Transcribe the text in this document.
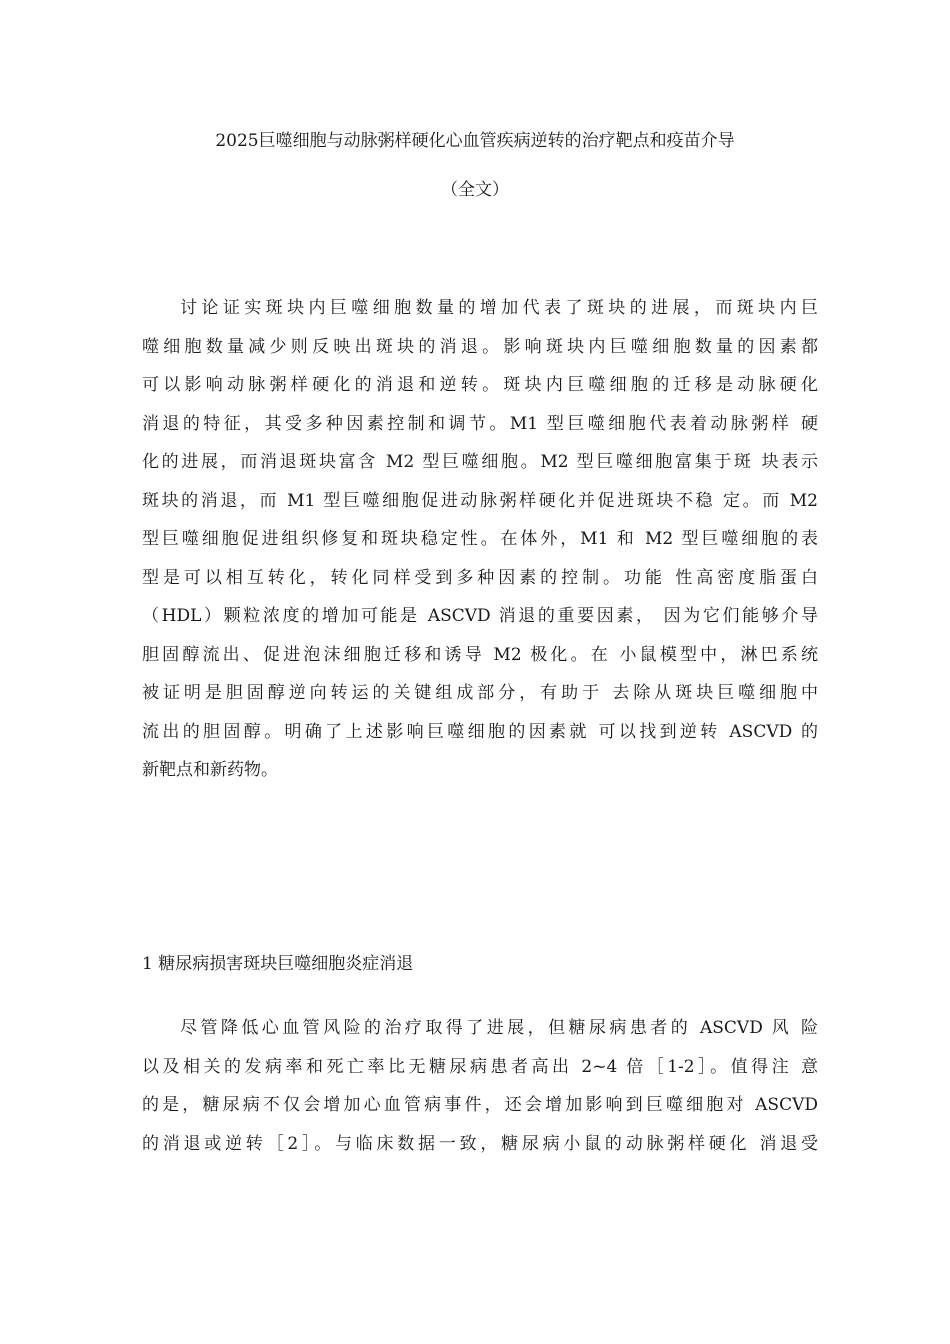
2025巨噬细胞与动脉粥样硬化心血管疾病逆转的治疗靶点和疫苗介导
（全文）
讨论证实斑块内巨噬细胞数量的增加代表了斑块的进展，而斑块内巨
噬细胞数量减少则反映出斑块的消退。影响斑块内巨噬细胞数量的因素都
可以影响动脉粥样硬化的消退和逆转。斑块内巨噬细胞的迁移是动脉硬化
消退的特征，其受多种因素控制和调节。M1 型巨噬细胞代表着动脉粥样 硬
化的进展，而消退斑块富含 M2 型巨噬细胞。M2 型巨噬细胞富集于斑 块表示
斑块的消退，而 M1 型巨噬细胞促进动脉粥样硬化并促进斑块不稳 定。而 M2
型巨噬细胞促进组织修复和斑块稳定性。在体外，M1 和 M2 型巨噬细胞的表
型是可以相互转化，转化同样受到多种因素的控制。功能 性高密度脂蛋白
（HDL）颗粒浓度的增加可能是 ASCVD 消退的重要因素， 因为它们能够介导
胆固醇流出、促进泡沫细胞迁移和诱导 M2 极化。在 小鼠模型中，淋巴系统
被证明是胆固醇逆向转运的关键组成部分，有助于 去除从斑块巨噬细胞中
流出的胆固醇。明确了上述影响巨噬细胞的因素就 可以找到逆转 ASCVD 的
新靶点和新药物。
1 糖尿病损害斑块巨噬细胞炎症消退
尽管降低心血管风险的治疗取得了进展，但糖尿病患者的 ASCVD 风 险
以及相关的发病率和死亡率比无糖尿病患者高出 2~4 倍［1-2］。值得注 意
的是，糖尿病不仅会增加心血管病事件，还会增加影响到巨噬细胞对 ASCVD
的消退或逆转［2］。与临床数据一致，糖尿病小鼠的动脉粥样硬化 消退受
